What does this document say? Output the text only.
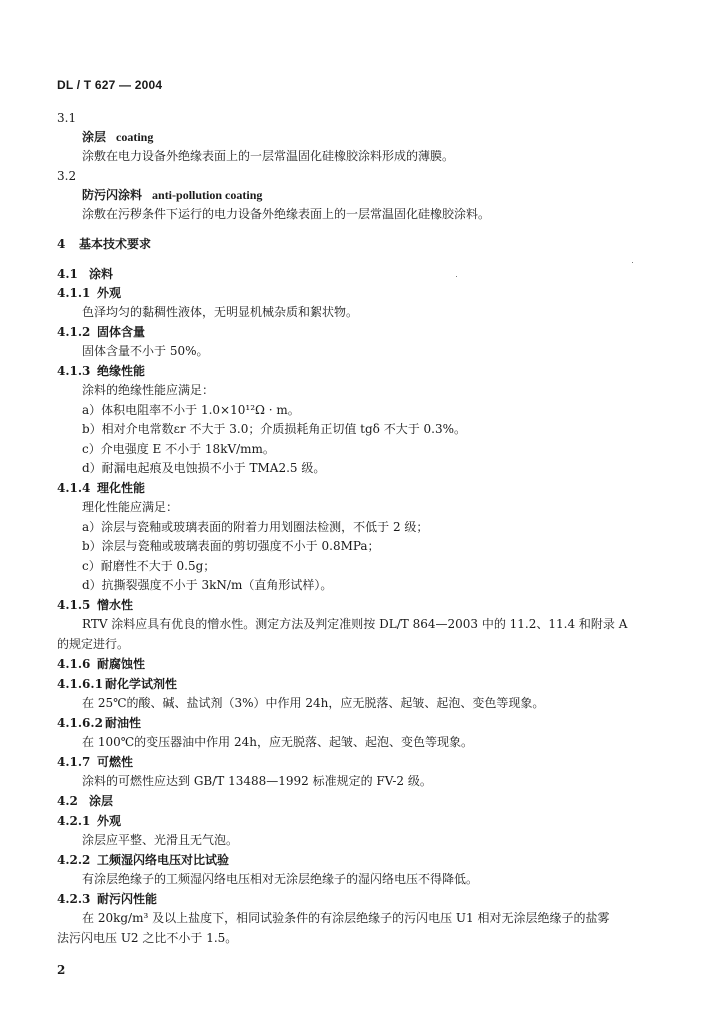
DL / T 627 — 2004
3.1
涂层 coating
涂敷在电力设备外绝缘表面上的一层常温固化硅橡胶涂料形成的薄膜。
3.2
防污闪涂料 anti-pollution coating
涂敷在污秽条件下运行的电力设备外绝缘表面上的一层常温固化硅橡胶涂料。
4 基本技术要求
4.1 涂料
4.1.1 外观
色泽均匀的黏稠性液体，无明显机械杂质和絮状物。
4.1.2 固体含量
固体含量不小于 50%。
4.1.3 绝缘性能
涂料的绝缘性能应满足：
a）体积电阻率不小于 1.0×10¹²Ω · m。
b）相对介电常数εr 不大于 3.0；介质损耗角正切值 tgδ 不大于 0.3%。
c）介电强度 E 不小于 18kV/mm。
d）耐漏电起痕及电蚀损不小于 TMA2.5 级。
4.1.4 理化性能
理化性能应满足：
a）涂层与瓷釉或玻璃表面的附着力用划圈法检测，不低于 2 级；
b）涂层与瓷釉或玻璃表面的剪切强度不小于 0.8MPa；
c）耐磨性不大于 0.5g；
d）抗撕裂强度不小于 3kN/m（直角形试样）。
4.1.5 憎水性
RTV 涂料应具有优良的憎水性。测定方法及判定准则按 DL/T 864—2003 中的 11.2、11.4 和附录 A
的规定进行。
4.1.6 耐腐蚀性
4.1.6.1 耐化学试剂性
在 25℃的酸、碱、盐试剂（3%）中作用 24h，应无脱落、起皱、起泡、变色等现象。
4.1.6.2 耐油性
在 100℃的变压器油中作用 24h，应无脱落、起皱、起泡、变色等现象。
4.1.7 可燃性
涂料的可燃性应达到 GB/T 13488—1992 标准规定的 FV-2 级。
4.2 涂层
4.2.1 外观
涂层应平整、光滑且无气泡。
4.2.2 工频湿闪络电压对比试验
有涂层绝缘子的工频湿闪络电压相对无涂层绝缘子的湿闪络电压不得降低。
4.2.3 耐污闪性能
在 20kg/m³ 及以上盐度下，相同试验条件的有涂层绝缘子的污闪电压 U1 相对无涂层绝缘子的盐雾
法污闪电压 U2 之比不小于 1.5。
2
